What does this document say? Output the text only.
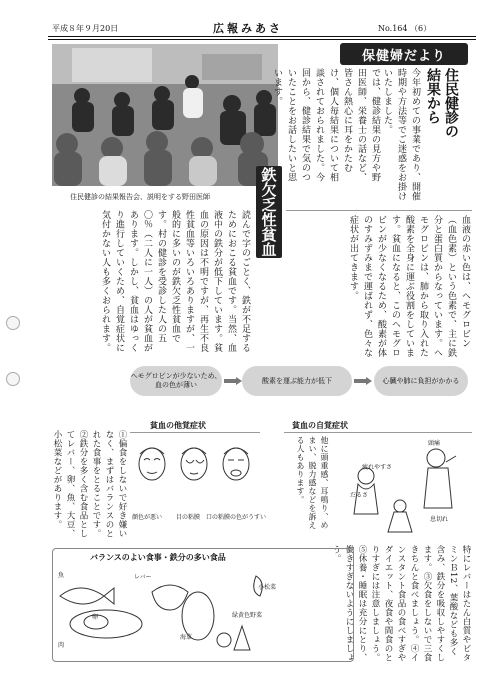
平成８年９月20日	広報みあさ	No.164 （6）
住民健診の結果報告会、説明をする野田医師
保健婦だより
住民健診の
結果から
今年初めての事業であり、開催時期や方法等でご迷惑をお掛けいたしました。
では、健診結果の見方や野田医師、栄養士の話など、皆さん熱心に耳をかたむけ、個人毎結果について相談されておられました。今回から、健診結果で気のついたことをお話したいと思います。
鉄欠乏性貧血
読んで字のごとく、鉄が不足するためにおこる貧血です。当然、血液中の鉄分が低下しています。貧血の原因は不明ですが、再生不良性貧血等いろいろありますが、一般的に多いのが鉄欠乏性貧血です。村の健診を受診した人の五〇％（二人に一人）の人が貧血があります。しかし、貧血はゆっくり進行していくため、自覚症状に気付かない人も多くおられます。	血液の赤い色は、ヘモグロビン（血色素）という色素で、主に鉄分と蛋白質からなっています。ヘモグロビンは、肺から取り入れた酸素を全身に運ぶ役割をしています。貧血になると、このヘモグロビンが少なくなるため、酸素が体のすみずみまで運ばれず、色々な症状が出てきます。
ヘモグロビンが少ないため、血の色が薄い
酸素を運ぶ能力が低下	心臓や肺に負担がかかる
貧血の他覚症状
顔色が悪い 目の粘膜 口の粘膜の色がうすい
貧血の自覚症状
他に頭重感、耳鳴り、めまい、脱力感などを訴える人もあります。	頭痛
疲れやすさ
息切れ
だるさ
①偏食をしないで好き嫌いなく、まずはバランスのとれた食事をとることです。②鉄分を多く含む食品としてレバー、卵、魚、大豆、小松菜などがあります。
特にレバーはたん白質やビタミンＢ12、葉酸なども多く含み、鉄分を吸収しやすくします。③欠食をしないで三食きちんと食べましょう。④インスタント食品の食べすぎやダイエット、夜食や間食のとりすぎには注意しましょう。⑤休養・睡眠は充分にとり、働きすぎないようにしましょう。
バランスのよい食事・鉄分の多い食品
魚	レバー
卵
肉
小松菜
緑黄色野菜
海草
